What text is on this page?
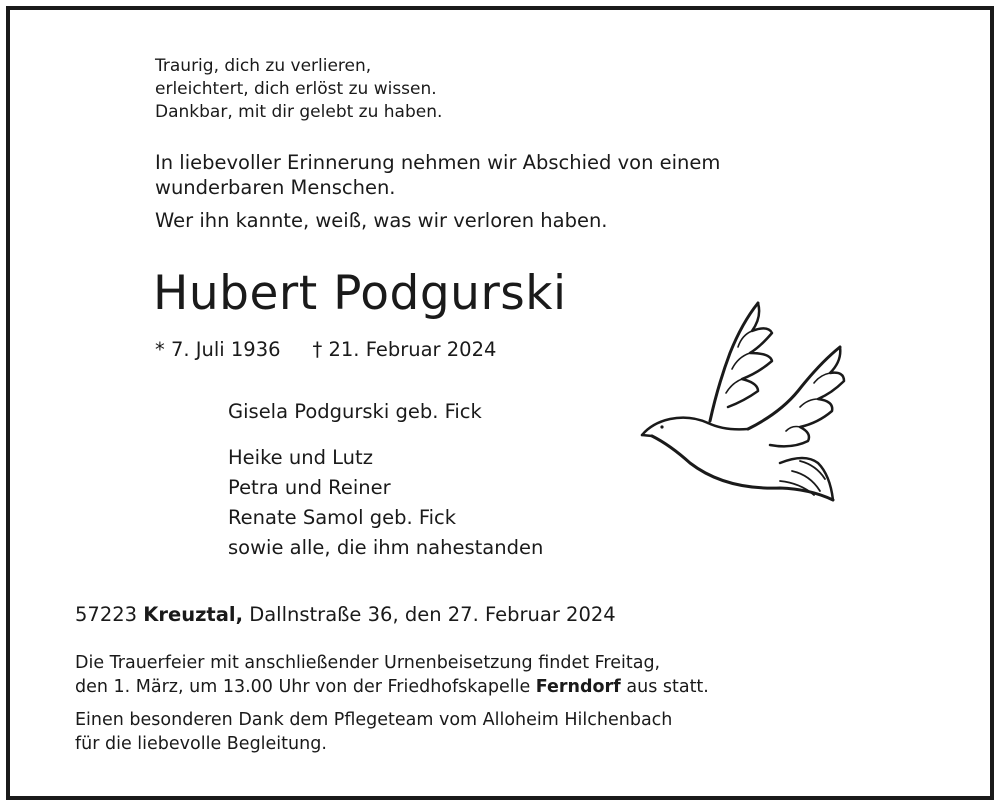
Traurig, dich zu verlieren,
erleichtert, dich erlöst zu wissen.
Dankbar, mit dir gelebt zu haben.
In liebevoller Erinnerung nehmen wir Abschied von einem
wunderbaren Menschen.
Wer ihn kannte, weiß, was wir verloren haben.
Hubert Podgurski
* 7. Juli 1936 † 21. Februar 2024
Gisela Podgurski geb. Fick
Heike und Lutz
Petra und Reiner
Renate Samol geb. Fick
sowie alle, die ihm nahestanden
57223 Kreuztal, Dallnstraße 36, den 27. Februar 2024
Die Trauerfeier mit anschließender Urnenbeisetzung findet Freitag,
den 1. März, um 13.00 Uhr von der Friedhofskapelle Ferndorf aus statt.
Einen besonderen Dank dem Pflegeteam vom Alloheim Hilchenbach
für die liebevolle Begleitung.
